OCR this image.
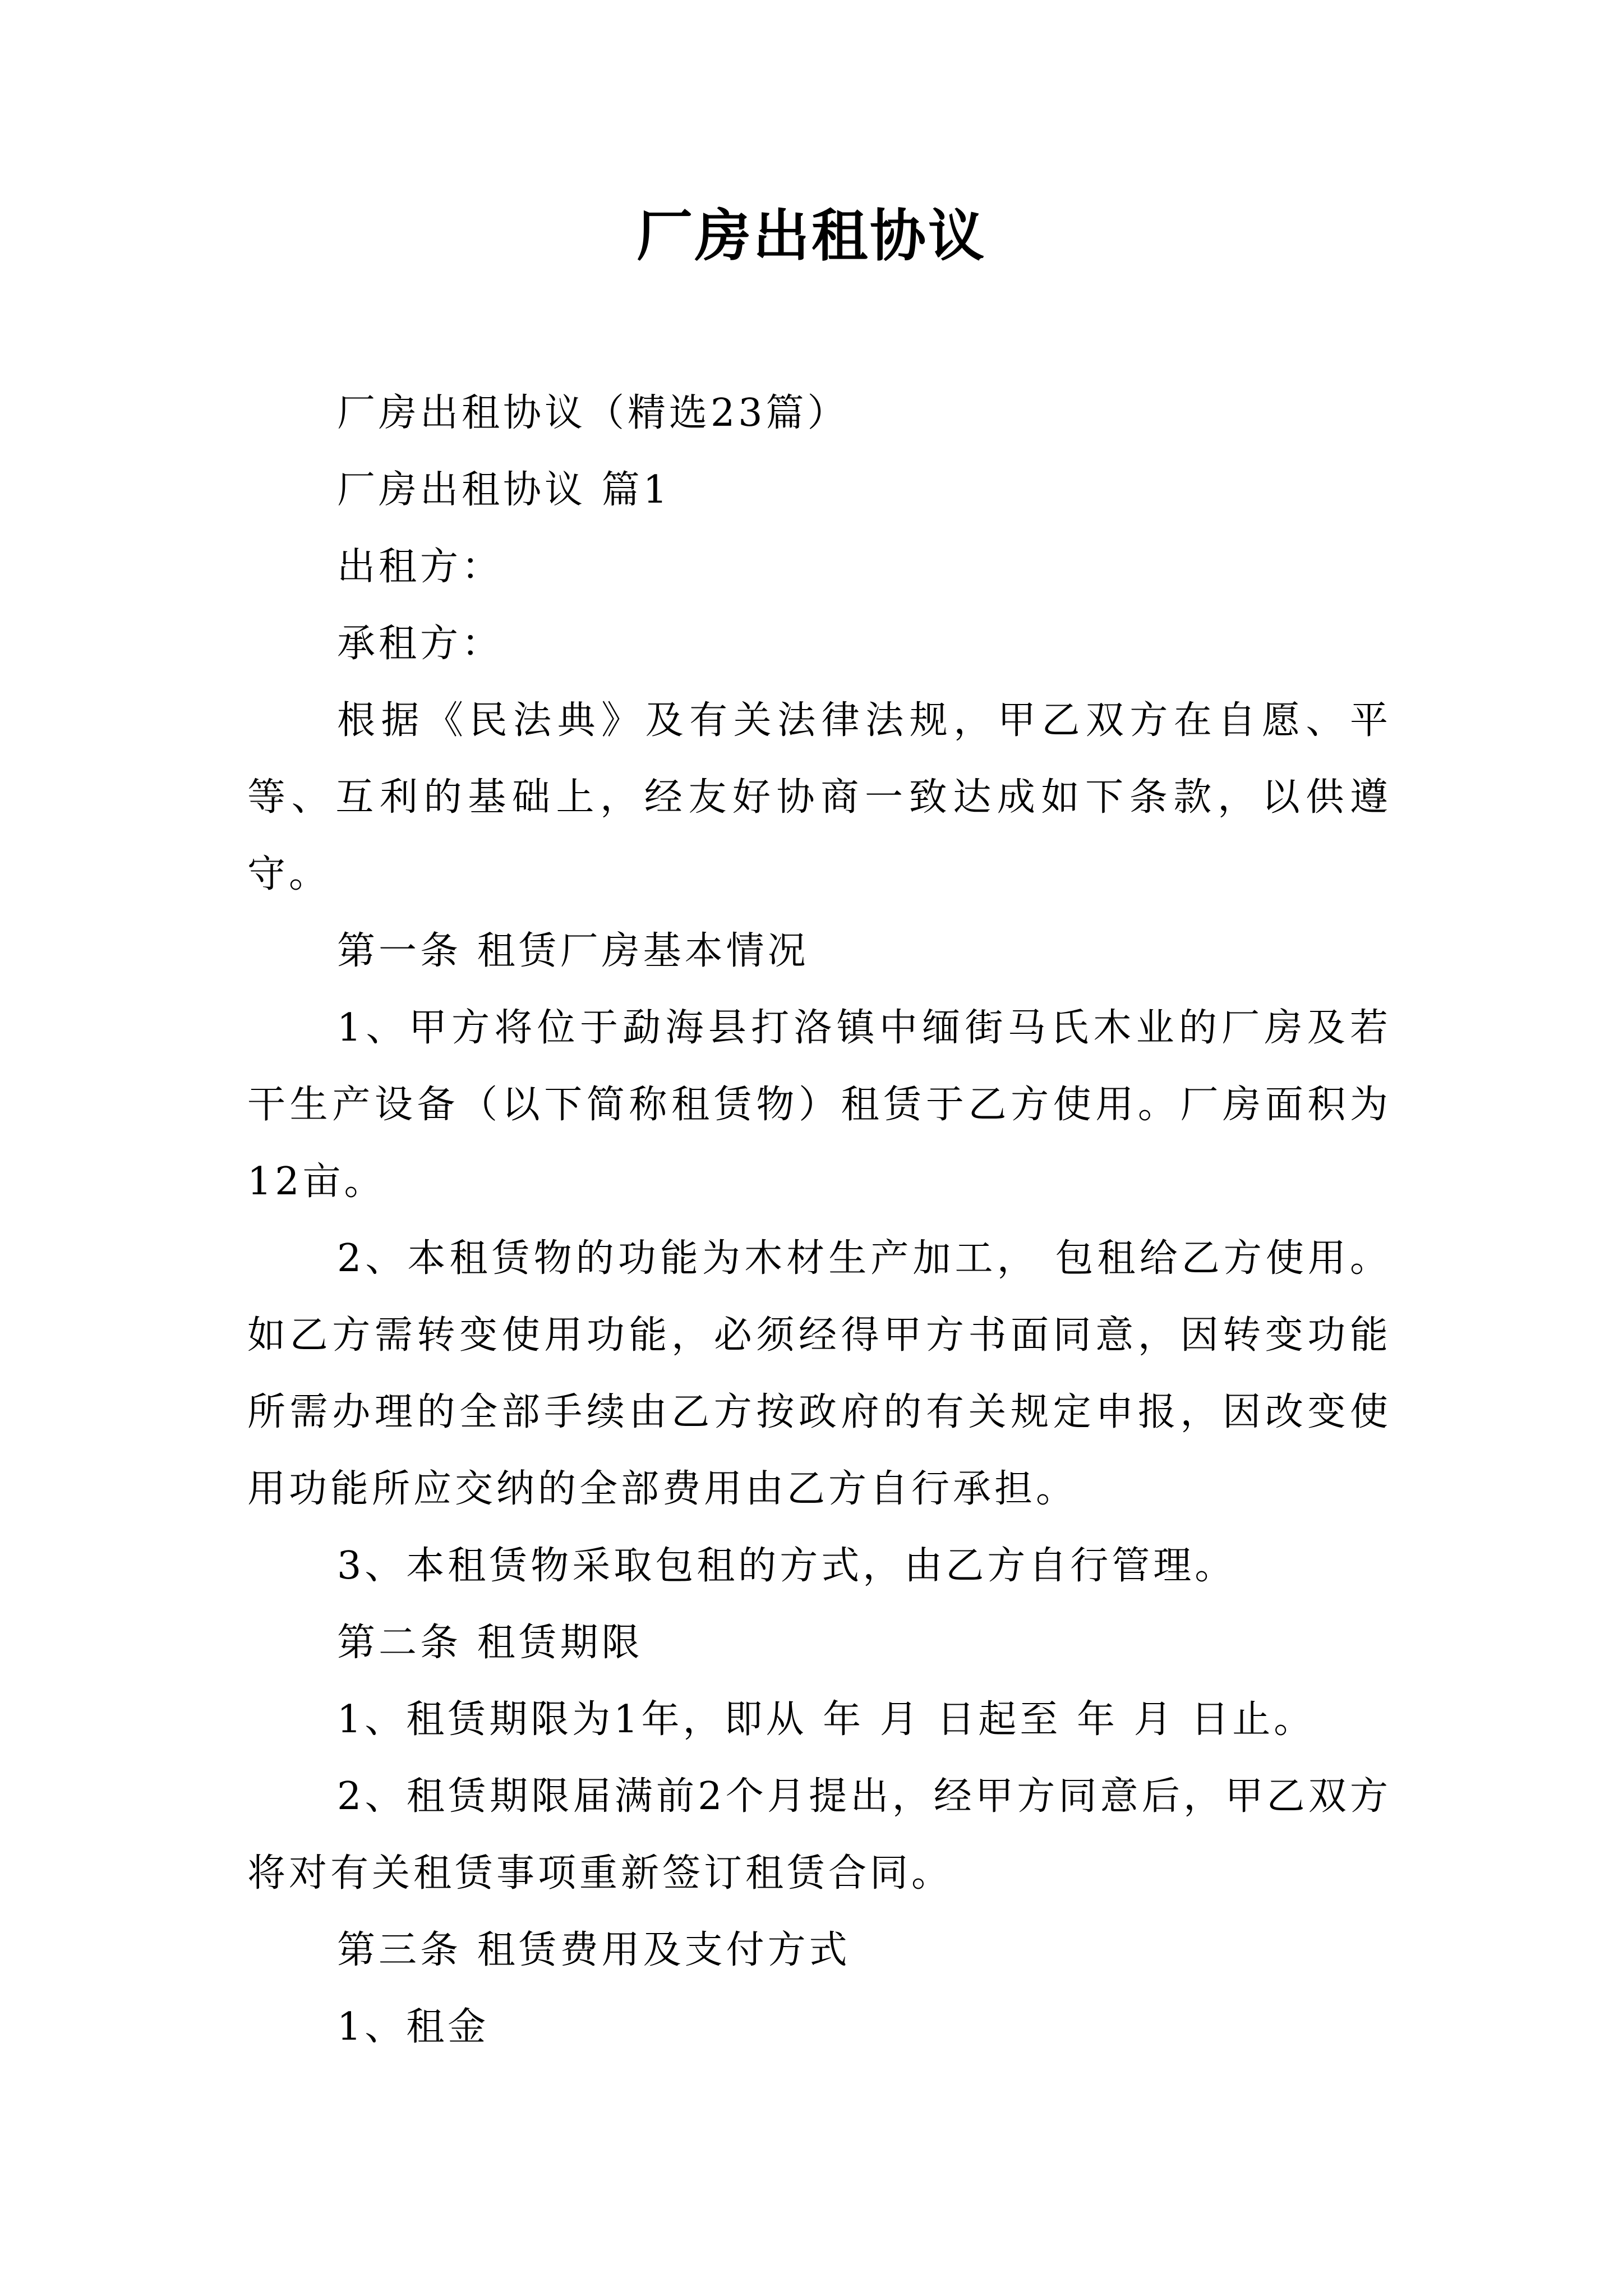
厂房出租协议

厂房出租协议（精选23篇）

厂房出租协议 篇1

出租方：

承租方：

根据《民法典》及有关法律法规，甲乙双方在自愿、平等、互利的基础上，经友好协商一致达成如下条款，以供遵守。

第一条 租赁厂房基本情况

1、甲方将位于勐海县打洛镇中缅街马氏木业的厂房及若干生产设备（以下简称租赁物）租赁于乙方使用。厂房面积为12亩。

2、本租赁物的功能为木材生产加工， 包租给乙方使用。如乙方需转变使用功能，必须经得甲方书面同意，因转变功能所需办理的全部手续由乙方按政府的有关规定申报，因改变使用功能所应交纳的全部费用由乙方自行承担。

3、本租赁物采取包租的方式，由乙方自行管理。

第二条 租赁期限

1、租赁期限为1年，即从 年 月 日起至 年 月 日止。

2、租赁期限届满前2个月提出，经甲方同意后，甲乙双方将对有关租赁事项重新签订租赁合同。

第三条 租赁费用及支付方式

1、租金
